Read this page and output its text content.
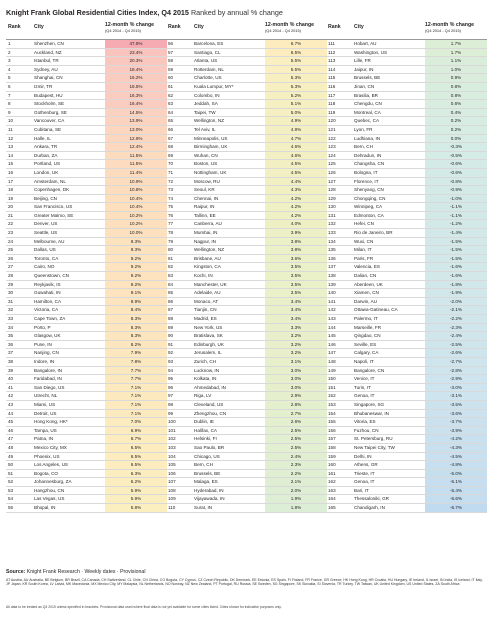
Knight Frank Global Residential Cities Index, Q4 2015 Ranked by annual % change
Rank	City	12-month % change
(Q4 2014 - Q4 2015)

1	Shenzhen, CN	47.5%
2	Auckland, NZ	23.4%
3	Istanbul, TR	20.3%
4	Sydney, AU	18.4%
5	Shanghai, CN	16.2%
6	Izmir, TR	16.5%
7	Budapest, HU	16.3%
8	Stockholm, SE	16.4%
9	Gothenburg, SE	14.5%
10	Vancouver, CA	13.9%
11	Cubitana, SE	13.0%
12	Halle, IL	12.9%
13	Ankara, TR	12.4%
14	Durban, ZA	11.5%
15	Portland, US	11.5%
16	London, UK	11.4%
17	Amsterdam, NL	10.9%
18	Copenhagen, DK	10.8%
19	Beijing, CN	10.4%
20	San Francisco, US	10.4%
21	Greater Malmo, SE	10.2%
22	Denver, US	10.2%
23	Seattle, US	10.0%
24	Melbourne, AU	9.3%
25	Dallas, US	9.3%
26	Toronto, CA	9.2%
27	Cairo, NO	9.2%
28	Queenstown, CN	9.2%
29	Reykjavik, IS	9.2%
30	Guwahati, IN	9.1%
31	Hamilton, CA	8.9%
32	Victoria, CA	8.4%
33	Cape Town, ZA	8.3%
34	Porto, P	8.3%
35	Glasgow, UK	8.3%
36	Pune, IN	8.2%
37	Nanjing, CN	7.9%
38	Indore, IN	7.8%
39	Bangalore, IN	7.7%
40	Faridabad, IN	7.7%
41	San Diego, US	7.1%
42	Utrecht, NL	7.1%
43	Miami, US	7.1%
44	Detroit, US	7.1%
45	Hong Kong, HK*	7.0%
46	Tampa, US	6.9%
47	Patna, IN	6.7%
48	Mexico City, MX	6.5%
49	Phoenix, US	6.5%
50	Los Angeles, US	6.5%
51	Bogota, CO	6.3%
52	Johannesburg, ZA	6.2%
53	Hangzhou, CN	5.9%
54	Las Vegas, US	5.9%
55	Bhopal, IN	5.8%
Rank	City	12-month % change
(Q4 2014 - Q4 2015)

56	Barcelona, ES	6.7%
57	Santiago, CL	6.5%
58	Atlanta, US	5.5%
59	Rotterdam, NL	5.5%
60	Charlotte, US	5.3%
61	Kuala Lumpur, MY*	5.3%
62	Colombo, IN	5.2%
63	Jeddah, SA	5.1%
64	Taipei, TW	5.0%
65	Wellington, NZ	4.9%
66	Tel Aviv, IL	4.8%
67	Minneapolis, US	4.7%
68	Birmingham, UK	4.6%
69	Wuhan, CN	4.6%
70	Boston, US	4.5%
71	Nottingham, UK	4.5%
72	Moscow, RU	4.4%
73	Seoul, KR	4.3%
74	Chennai, IN	4.2%
75	Raipur, IN	4.2%
76	Tallinn, EE	4.2%
77	Canberra, AU	4.0%
78	Mumbai, IN	3.9%
79	Nagpur, IN	3.8%
80	Wellington, NZ	3.8%
81	Brisbane, AU	3.6%
82	Kingston, CA	3.5%
83	Kochi, IN	3.5%
84	Manchester, UK	3.5%
85	Adelaide, AU	3.5%
86	Monaco, AT	3.4%
87	Tianjin, CN	3.4%
88	Madrid, ES	3.4%
89	New York, US	3.3%
90	Bratislava, SK	3.2%
91	Edinburgh, UK	3.2%
92	Jerusalem, IL	3.2%
93	Zurich, CH	3.1%
94	Lucknow, IN	3.0%
95	Kolkata, IN	3.0%
96	Ahmedabad, IN	3.0%
97	Riga, LV	2.9%
98	Cleveland, US	2.8%
99	Zhengzhou, CN	2.7%
100	Dublin, IE	2.6%
101	Halifax, CA	2.5%
102	Helsinki, FI	2.5%
103	Sao Paulo, BR	2.5%
104	Chicago, US	2.4%
105	Bern, CH	2.3%
106	Brussels, BE	2.2%
107	Malaga, ES	2.1%
108	Hyderabad, IN	2.0%
109	Vijayawada, IN	1.9%
110	Surat, IN	1.8%
Rank	City	12-month % change
(Q4 2014 - Q4 2015)

111	Hobart, AU	1.7%
112	Washington, US	1.7%
113	Lille, FR	1.1%
114	Jaipur, IN	1.0%
115	Brussels, BE	0.9%
116	Jinan, CN	0.8%
117	Brasilia, BR	0.8%
118	Chengdu, CN	0.6%
119	Montreal, CA	0.4%
120	Quebec, CA	0.2%
121	Lyon, FR	0.2%
122	Ludhiana, IN	0.0%
123	Bern, CH	-0.3%
124	Dehradun, IN	-0.5%
125	Changsha, CN	-0.6%
126	Bologna, IT	-0.6%
127	Florence, IT	-0.8%
128	Shenyang, CN	-0.9%
129	Chongqing, CN	-1.0%
130	Winnipeg, CA	-1.1%
131	Edmonton, CA	-1.1%
132	Hefei, CN	-1.2%
133	Rio de Janeiro, BR	-1.4%
134	Wuxi, CN	-1.5%
135	Milan, IT	-1.5%
136	Paris, FR	-1.5%
137	Valencia, ES	-1.6%
138	Dalian, CN	-1.6%
139	Aberdeen, UK	-1.8%
140	Xiamen, CN	-1.9%
141	Darwin, AU	-2.0%
142	Ottawa-Gatineau, CA	-2.1%
143	Palermo, IT	-2.2%
144	Marseille, FR	-2.3%
145	Qingdao, CN	-2.4%
146	Seville, ES	-2.5%
147	Calgary, CA	-2.6%
148	Napoli, IT	-2.7%
149	Bangalore, CN	-2.8%
150	Venice, IT	-2.9%
151	Turin, IT	-3.0%
152	Genoa, IT	-3.1%
153	Singapore, SG	-3.5%
154	Bhubaneswar, IN	-3.6%
155	Vitoria, ES	-3.7%
156	Fuzhou, CN	-3.9%
157	St. Petersburg, RU	-4.2%
158	New Taipei City, TW	-4.3%
159	Delhi, IN	-4.5%
160	Athens, GR	-4.8%
161	Trieste, IT	-5.0%
162	Genoa, IT	-5.1%
163	Bari, IT	-5.4%
164	Thessaloniki, GR	-5.6%
165	Chandigarh, IN	-6.7%
Source: Knight Frank Research · Weekly dates · Provisional
AT Austria, AU Australia, BE Belgium, BR Brazil, CA Canada, CH Switzerland, CL Chile, CN China, CO Bogota, CY Cyprus, CZ Czech Republic, DK Denmark, EE Estonia, ES Spain, FI Finland, FR France, GR Greece, HK Hong Kong, HR Croatia, HU Hungary, IE Ireland, IL Israel, IN India, IS Iceland, IT Italy, JP Japan, KR South Korea, LV Latvia, MK Macedonia, MX Mexico City, MY Malaysia, NL Netherlands, NO Norway, NZ New Zealand, PT Portugal, RU Russia, SE Sweden, SG Singapore, SK Slovakia, SI Slovenia, TR Turkey, TW Taiwan, UK United Kingdom, US United States, ZA South Africa
All data to be treated as Q4 2015 unless specified in brackets. Provisional data used where final data is not yet available for some cities listed. Cities shown for indicative purposes only.
